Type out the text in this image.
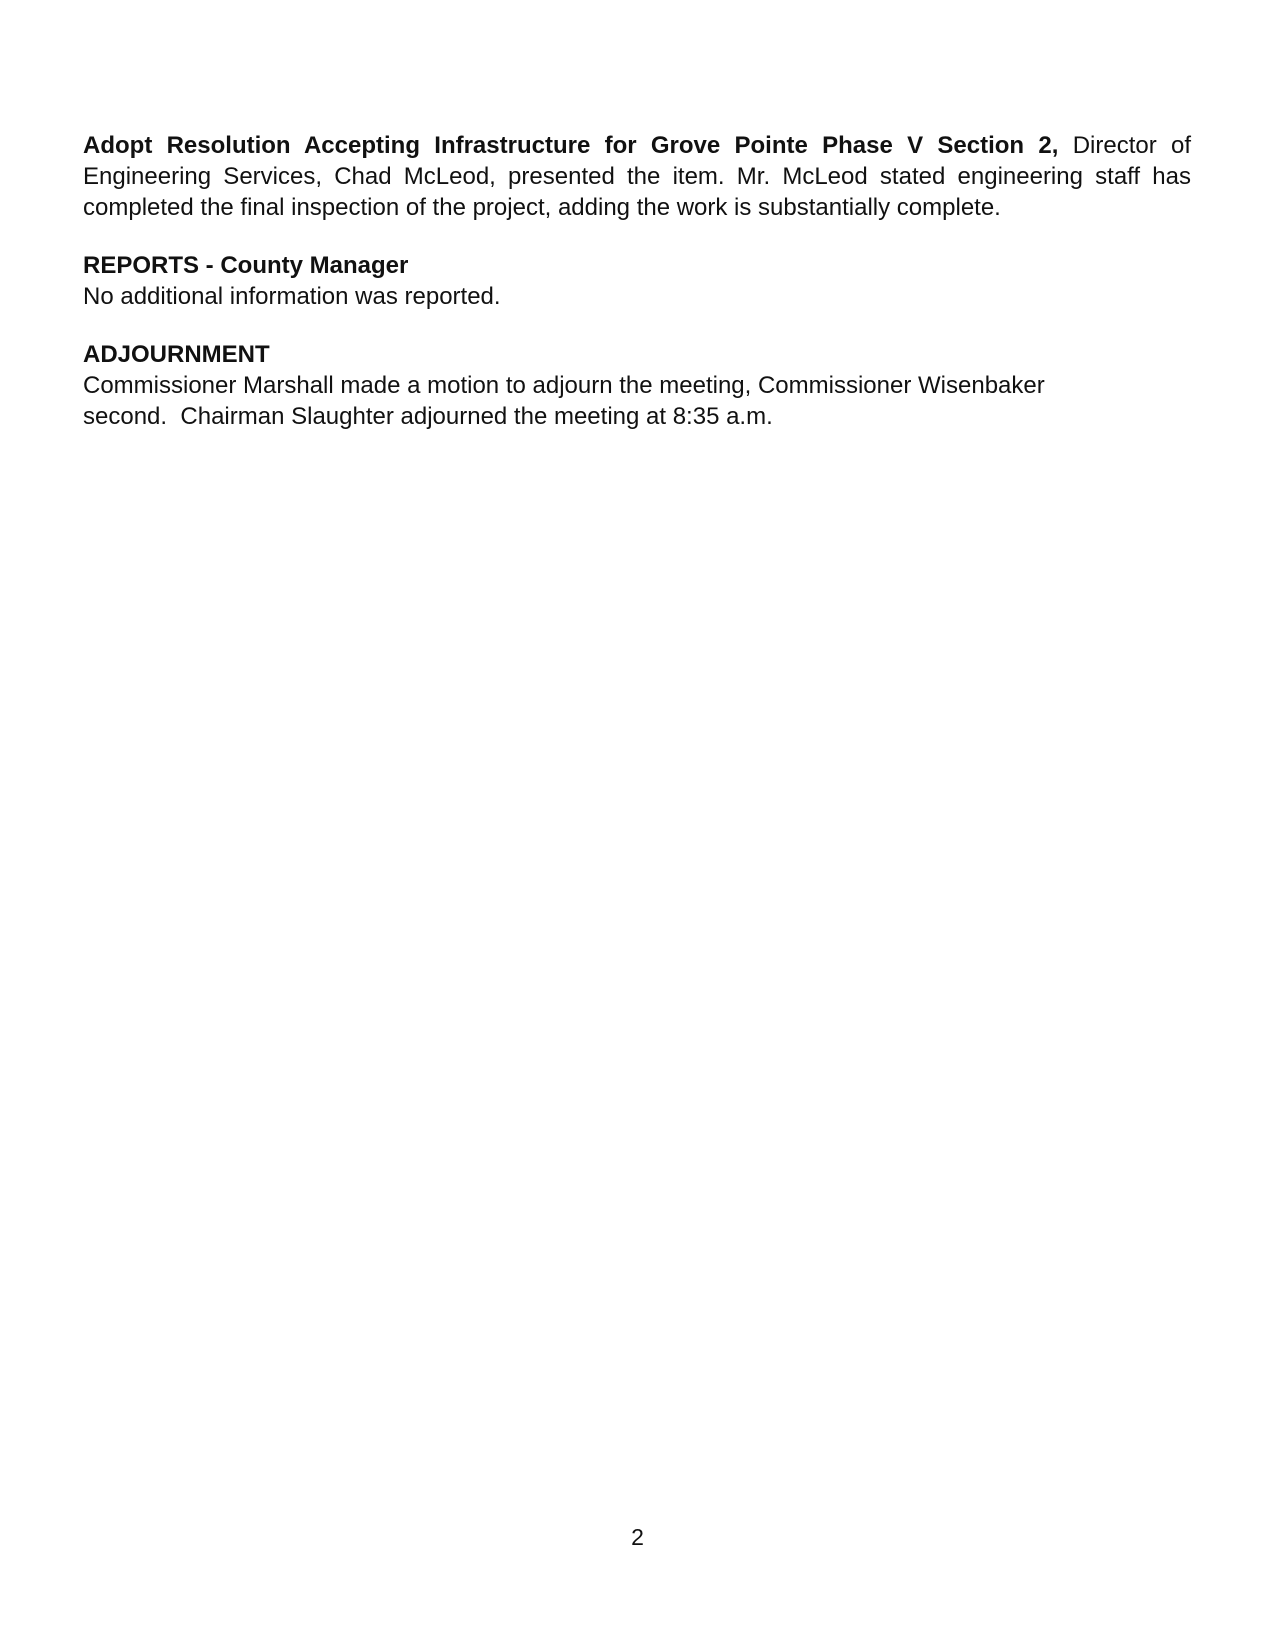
Adopt Resolution Accepting Infrastructure for Grove Pointe Phase V Section 2, Director of Engineering Services, Chad McLeod, presented the item. Mr. McLeod stated engineering staff has completed the final inspection of the project, adding the work is substantially complete.

REPORTS - County Manager
No additional information was reported.
ADJOURNMENT
Commissioner Marshall made a motion to adjourn the meeting, Commissioner Wisenbaker
second.  Chairman Slaughter adjourned the meeting at 8:35 a.m.
2
